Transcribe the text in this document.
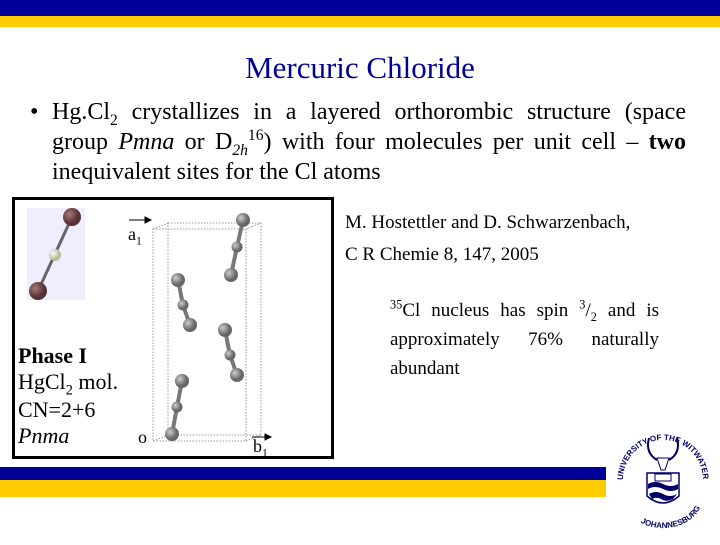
Mercuric Chloride
• $Hg.Cl_2$ crystallizes in a layered orthorombic structure (space group Pmna or $D_{2h}^{16}$) with four molecules per unit cell – two inequivalent sites for the Cl atoms
$a_1$
o	$b_1$
Phase I
HgCl$_2$ mol.
CN=2+6
Pnma
M. Hostettler and D. Schwarzenbach,
C R Chemie 8, 147, 2005
$^{35}$Cl nucleus has spin $^3/_2$ and is approximately 76% naturally abundant
UNIVERSITY OF THE WITWATER
JOHANNESBURG
